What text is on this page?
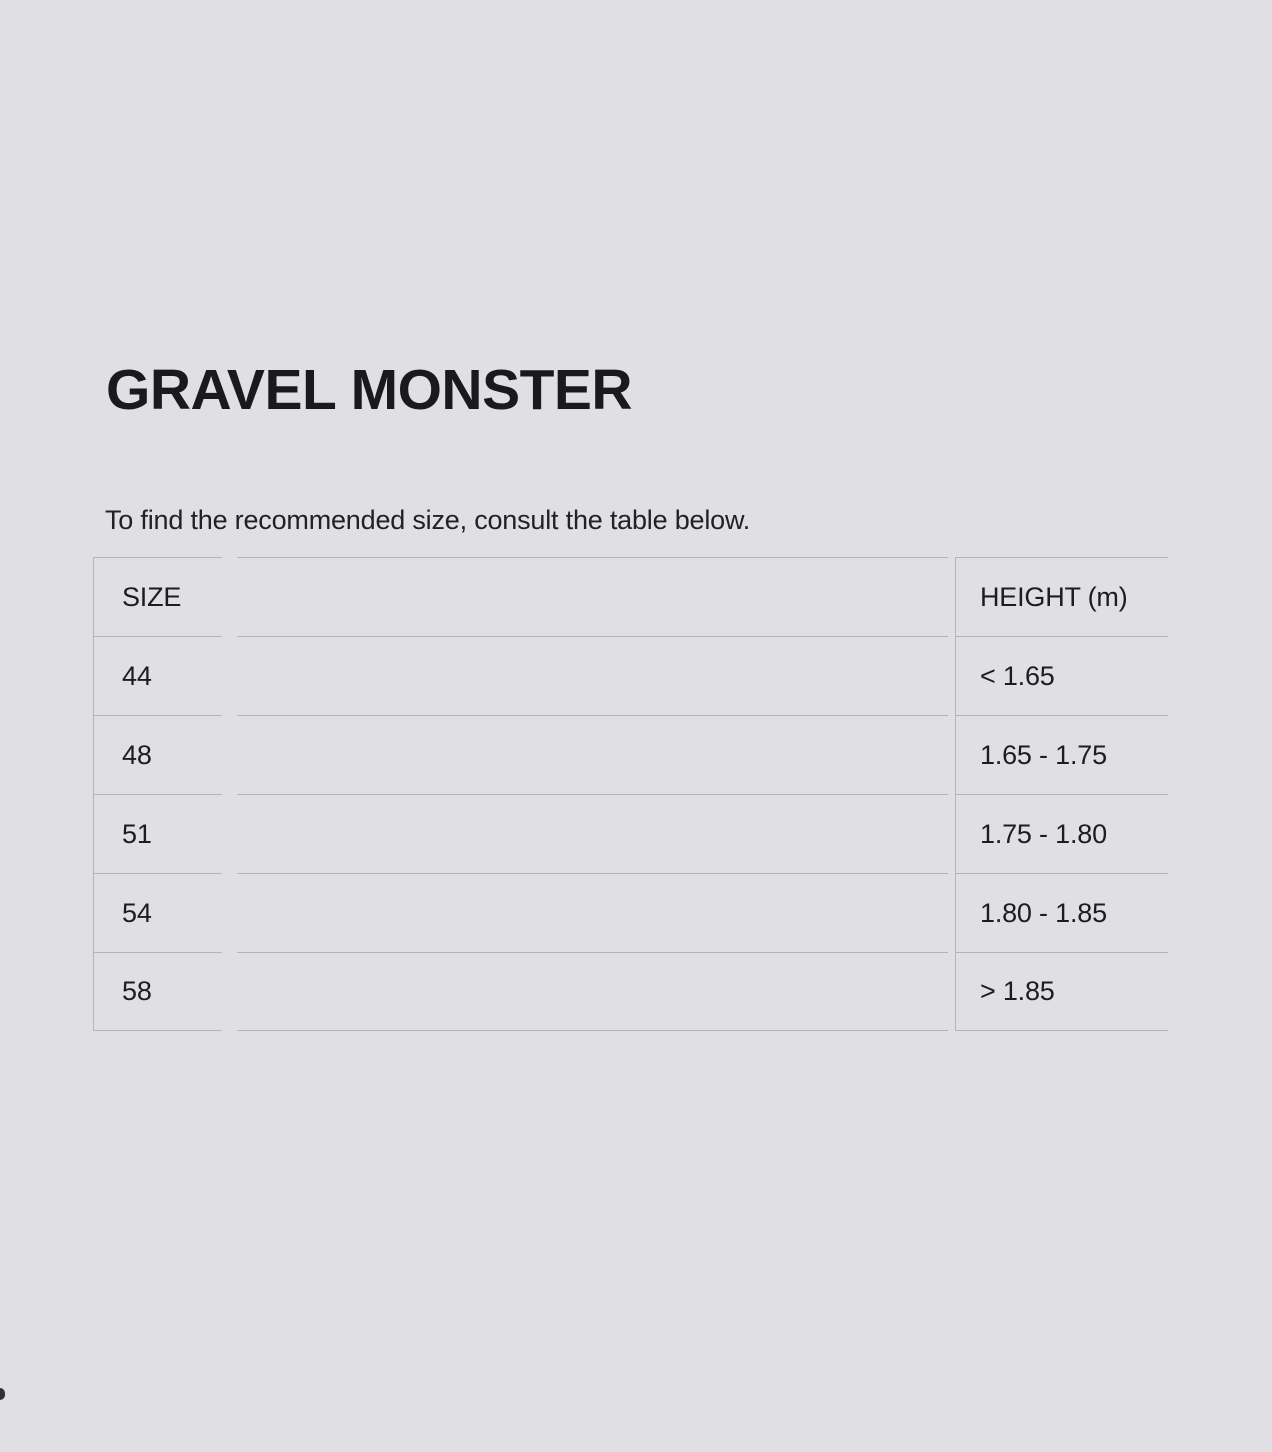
GRAVEL MONSTER

To find the recommended size, consult the table below.

SIZE	HEIGHT (m)
44	< 1.65
48	1.65 - 1.75
51	1.75 - 1.80
54	1.80 - 1.85
58	> 1.85
